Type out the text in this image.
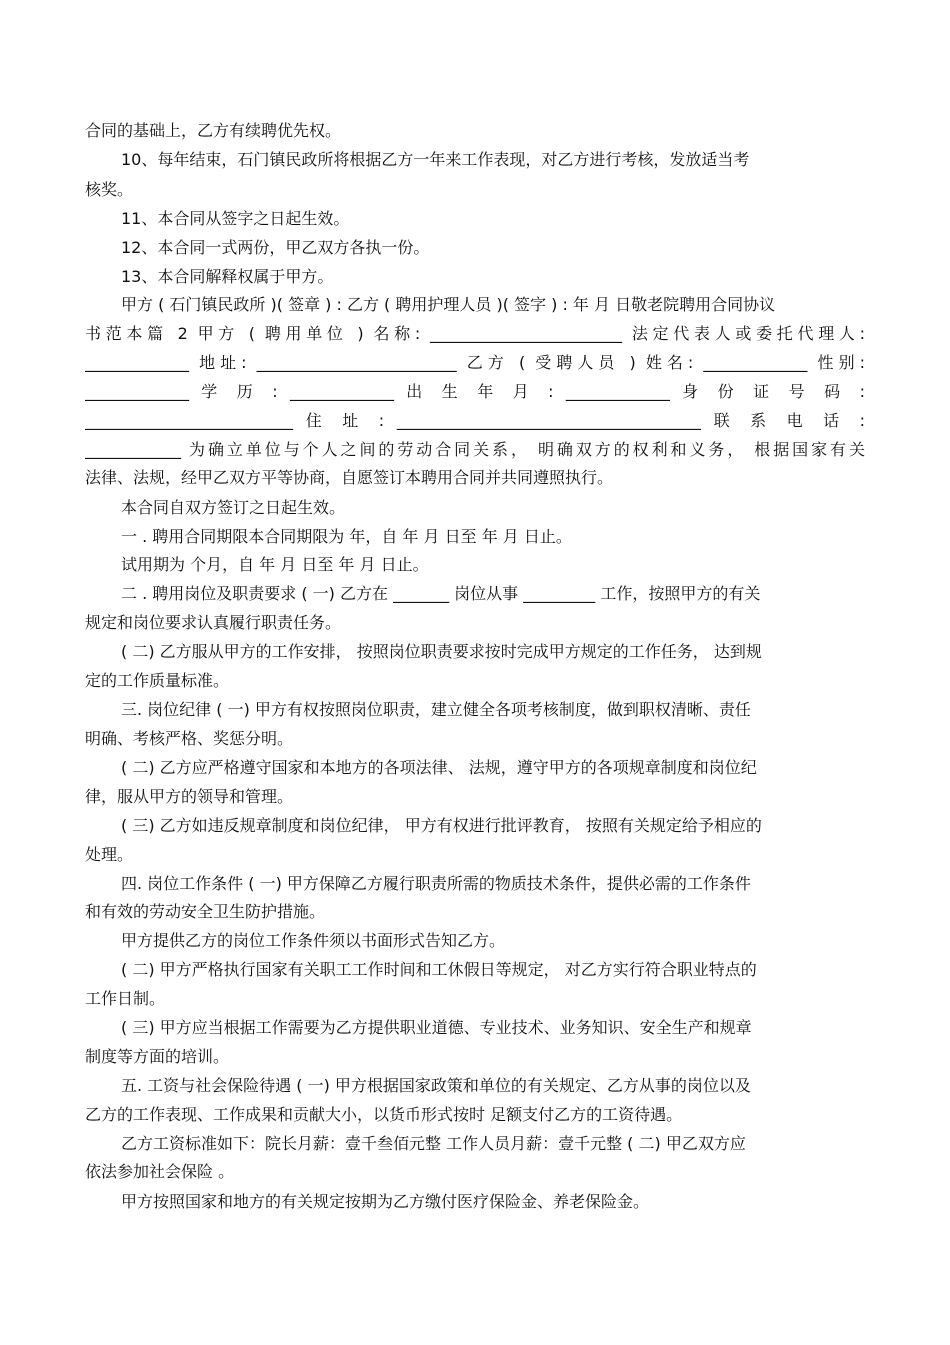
合同的基础上，乙方有续聘优先权。
10、每年结束，石门镇民政所将根据乙方一年来工作表现，对乙方进行考核，发放适当考
核奖。
11、本合同从签字之日起生效。
12、本合同一式两份，甲乙双方各执一份。
13、本合同解释权属于甲方。
甲方 ( 石门镇民政所 )( 签章 ) : 乙方 ( 聘用护理人员 )( 签字 ) : 年 月 日敬老院聘用合同协议
书范本篇 2 甲方 ( 聘用单位 ) 名称: ________________________ 法定代表人或委托代理人:
_____________ 地址: _________________________ 乙方 ( 受聘人员 ) 姓名: _____________ 性别:
_____________ 学 历 : _____________ 出 生 年 月 : _____________ 身 份 证 号 码 :
__________________________ 住 址 : ______________________________________ 联 系 电 话 :
____________ 为确立单位与个人之间的劳动合同关系， 明确双方的权利和义务， 根据国家有关
法律、法规，经甲乙双方平等协商，自愿签订本聘用合同并共同遵照执行。
本合同自双方签订之日起生效。
一 . 聘用合同期限本合同期限为 年，自 年 月 日至 年 月 日止。
试用期为 个月，自 年 月 日至 年 月 日止。
二 . 聘用岗位及职责要求 ( 一) 乙方在 _______ 岗位从事 _________ 工作，按照甲方的有关
规定和岗位要求认真履行职责任务。
( 二) 乙方服从甲方的工作安排， 按照岗位职责要求按时完成甲方规定的工作任务， 达到规
定的工作质量标准。
三. 岗位纪律 ( 一) 甲方有权按照岗位职责，建立健全各项考核制度，做到职权清晰、责任
明确、考核严格、奖惩分明。
( 二) 乙方应严格遵守国家和本地方的各项法律、 法规，遵守甲方的各项规章制度和岗位纪
律，服从甲方的领导和管理。
( 三) 乙方如违反规章制度和岗位纪律， 甲方有权进行批评教育， 按照有关规定给予相应的
处理。
四. 岗位工作条件 ( 一) 甲方保障乙方履行职责所需的物质技术条件，提供必需的工作条件
和有效的劳动安全卫生防护措施。
甲方提供乙方的岗位工作条件须以书面形式告知乙方。
( 二) 甲方严格执行国家有关职工工作时间和工休假日等规定， 对乙方实行符合职业特点的
工作日制。
( 三) 甲方应当根据工作需要为乙方提供职业道德、专业技术、业务知识、安全生产和规章
制度等方面的培训。
五. 工资与社会保险待遇 ( 一) 甲方根据国家政策和单位的有关规定、乙方从事的岗位以及
乙方的工作表现、工作成果和贡献大小，以货币形式按时 足额支付乙方的工资待遇。
乙方工资标准如下：院长月薪：壹千叁佰元整 工作人员月薪：壹千元整 ( 二) 甲乙双方应
依法参加社会保险 。
甲方按照国家和地方的有关规定按期为乙方缴付医疗保险金、养老保险金。
